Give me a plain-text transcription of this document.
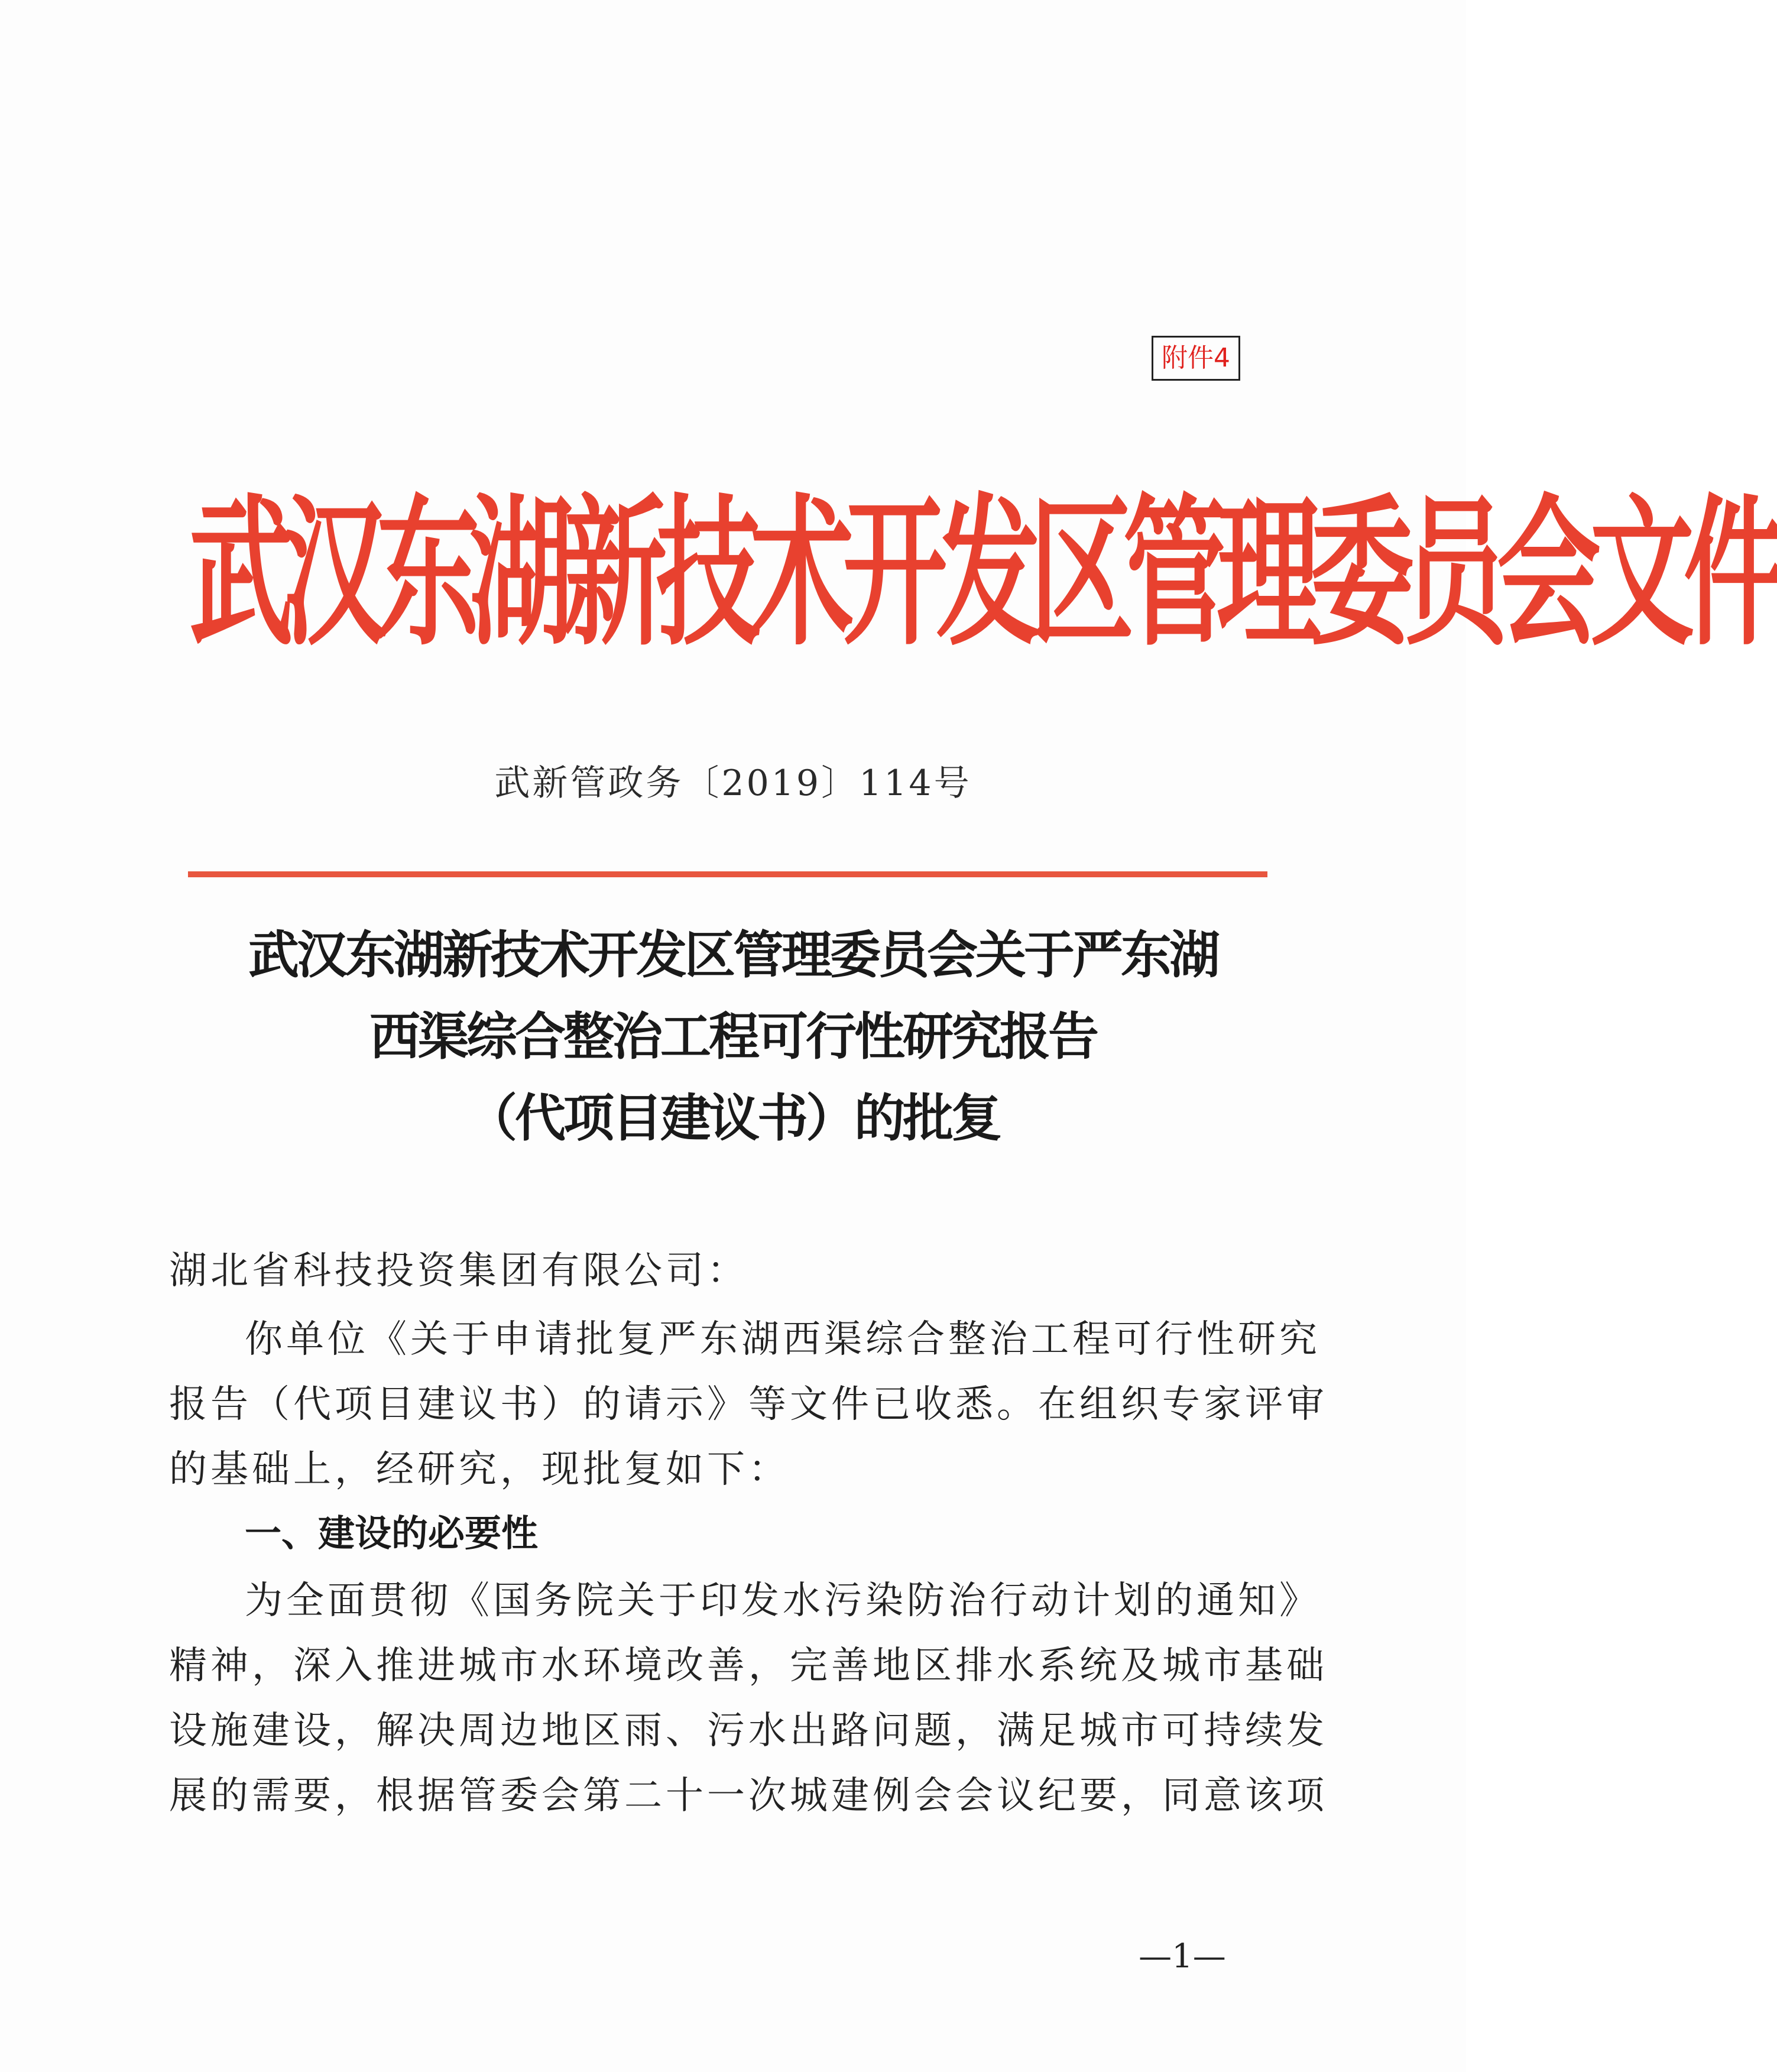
附件4
武汉东湖新技术开发区管理委员会文件
武新管政务〔2019〕114号
武汉东湖新技术开发区管理委员会关于严东湖
西渠综合整治工程可行性研究报告
（代项目建议书）的批复
湖北省科技投资集团有限公司：
你单位《关于申请批复严东湖西渠综合整治工程可行性研究
报告（代项目建议书）的请示》等文件已收悉。在组织专家评审
的基础上，经研究，现批复如下：
一、建设的必要性
为全面贯彻《国务院关于印发水污染防治行动计划的通知》
精神，深入推进城市水环境改善，完善地区排水系统及城市基础
设施建设，解决周边地区雨、污水出路问题，满足城市可持续发
展的需要，根据管委会第二十一次城建例会会议纪要，同意该项
—1—
